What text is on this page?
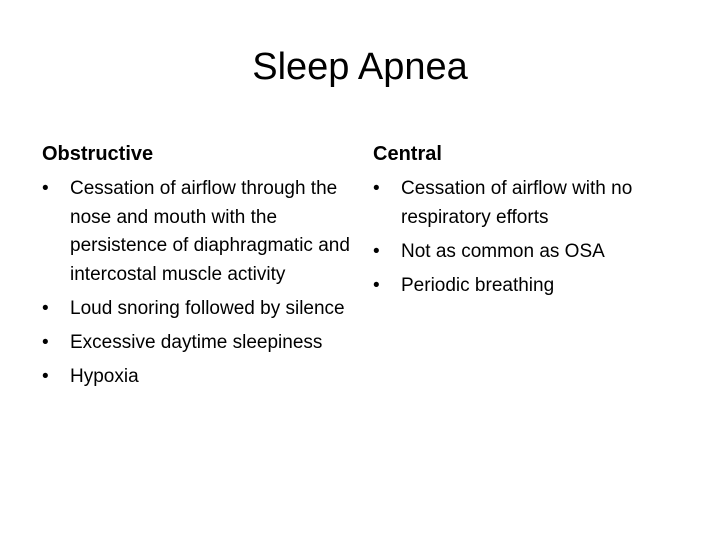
Sleep Apnea
Obstructive
•	Cessation of airflow through the nose and mouth with the persistence of diaphragmatic and intercostal muscle activity
•	Loud snoring followed by silence
•	Excessive daytime sleepiness
•	Hypoxia
Central
•	Cessation of airflow with no respiratory efforts
•	Not as common as OSA
•	Periodic breathing
